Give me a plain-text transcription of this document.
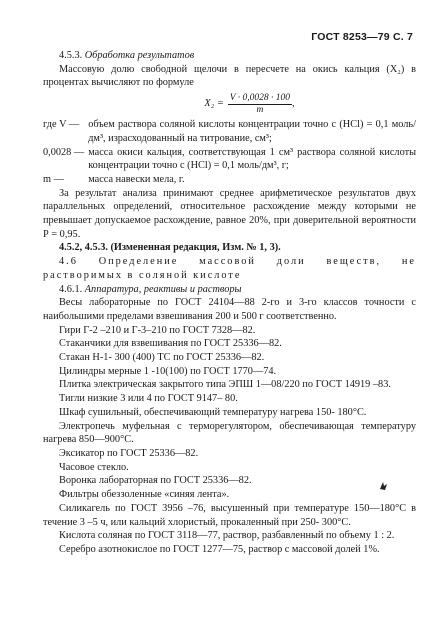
ГОСТ 8253—79 С. 7

4.5.3. Обработка результатов

Массовую долю свободной щелочи в пересчете на окись кальция (X₂) в процентах вычисляют по формуле

$X_2 = \frac{V \cdot 0,0028 \cdot 100}{m}$ ,
где V — объем раствора соляной кислоты концентрации точно с (HCl) = 0,1 моль/дм³, израсходованный на титрование, см³;
0,0028 — масса окиси кальция, соответствующая 1 см³ раствора соляной кислоты концентрации точно с (HCl) = 0,1 моль/дм³, г;
m —	масса навески мела, г.

За результат анализа принимают среднее арифметическое результатов двух параллельных определений, относительное расхождение между которыми не превышает допускаемое расхождение, равное 20%, при доверительной вероятности Р = 0,95.

4.5.2, 4.5.3. (Измененная редакция, Изм. № 1, 3).

4.6 Определение массовой доли веществ, не растворимых в соляной кислоте

4.6.1. Аппаратура, реактивы и растворы

Весы лабораторные по ГОСТ 24104—88 2-го и 3-го классов точности с наибольшими пределами взвешивания 200 и 500 г соответственно.

Гири Г-2 –210 и Г-3–210 по ГОСТ 7328—82.

Стаканчики для взвешивания по ГОСТ 25336—82.

Стакан Н-1- 300 (400) ТС по ГОСТ 25336—82.

Цилиндры мерные 1 -10(100) по ГОСТ 1770—74.

Плитка электрическая закрытого типа ЭПШ 1—08/220 по ГОСТ 14919 –83.

Тигли низкие 3 или 4 по ГОСТ 9147– 80.

Шкаф сушильный, обеспечивающий температуру нагрева 150- 180°С.

Электропечь муфельная с терморегулятором, обеспечивающая температуру нагрева 850—900°С.

Эксикатор по ГОСТ 25336—82.

Часовое стекло.

Воронка лабораторная по ГОСТ 25336—82.

Фильтры обеззоленные «синяя лента».

Силикагель по ГОСТ 3956 –76, высушенный при температуре 150—180°С в течение 3 –5 ч, или кальций хлористый, прокаленный при 250- 300°С.

Кислота соляная по ГОСТ 3118—77, раствор, разбавленный по объему 1 : 2.

Серебро азотнокислое по ГОСТ 1277—75, раствор с массовой долей 1%.
